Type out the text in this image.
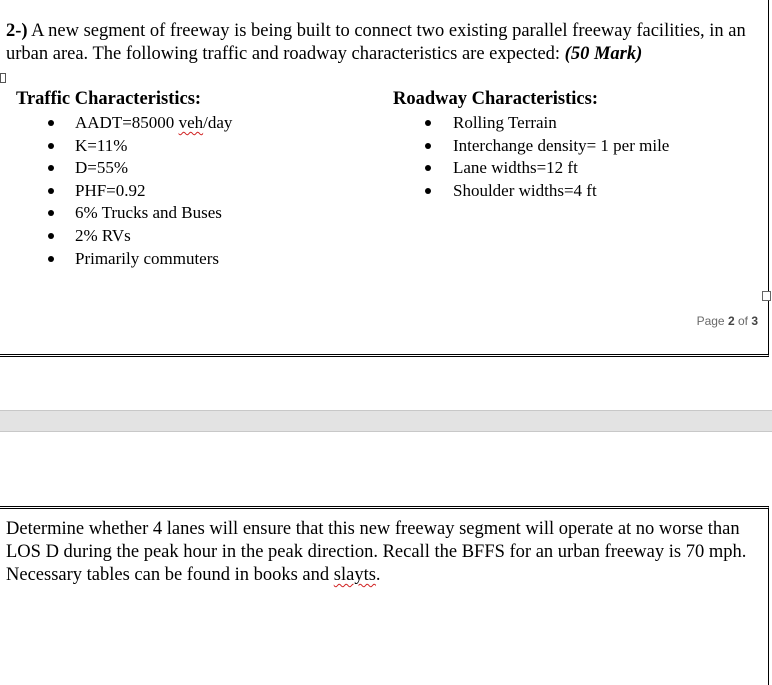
2-) A new segment of freeway is being built to connect two existing parallel freeway facilities, in an urban area. The following traffic and roadway characteristics are expected: (50 Mark)

Traffic Characteristics:

AADT=85000 veh/day
K=11%
D=55%
PHF=0.92
6% Trucks and Buses
2% RVs
Primarily commuters

Roadway Characteristics:

Rolling Terrain
Interchange density= 1 per mile
Lane widths=12 ft
Shoulder widths=4 ft
Page 2 of 3

Determine whether 4 lanes will ensure that this new freeway segment will operate at no worse than LOS D during the peak hour in the peak direction. Recall the BFFS for an urban freeway is 70 mph. Necessary tables can be found in books and slayts.
